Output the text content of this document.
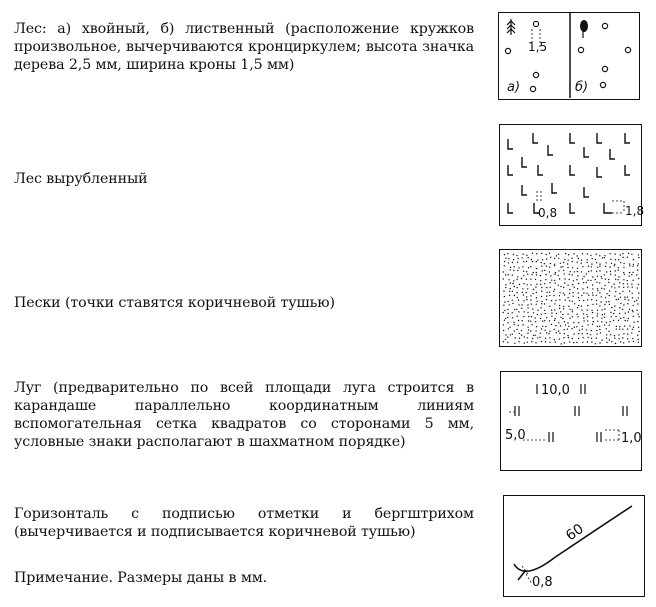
Лес: а) хвойный, б) лиственный (расположение кружков произвольное, вычерчиваются кронциркулем; высота значка дерева 2,5 мм, ширина кроны 1,5 мм)
1,5
а)	б)
Лес вырубленный
0,8	1,8
Пески (точки ставятся коричневой тушью)
Луг (предварительно по всей площади луга строится в карандаше параллельно координатным линиям вспомогательная сетка квадратов со сторонами 5 мм, условные знаки располагают в шахматном порядке)
10,0
5,0	1,0
Горизонталь с подписью отметки и бергштрихом (вычерчивается и подписывается коричневой тушью)	60
0,8
Примечание. Размеры даны в мм.
